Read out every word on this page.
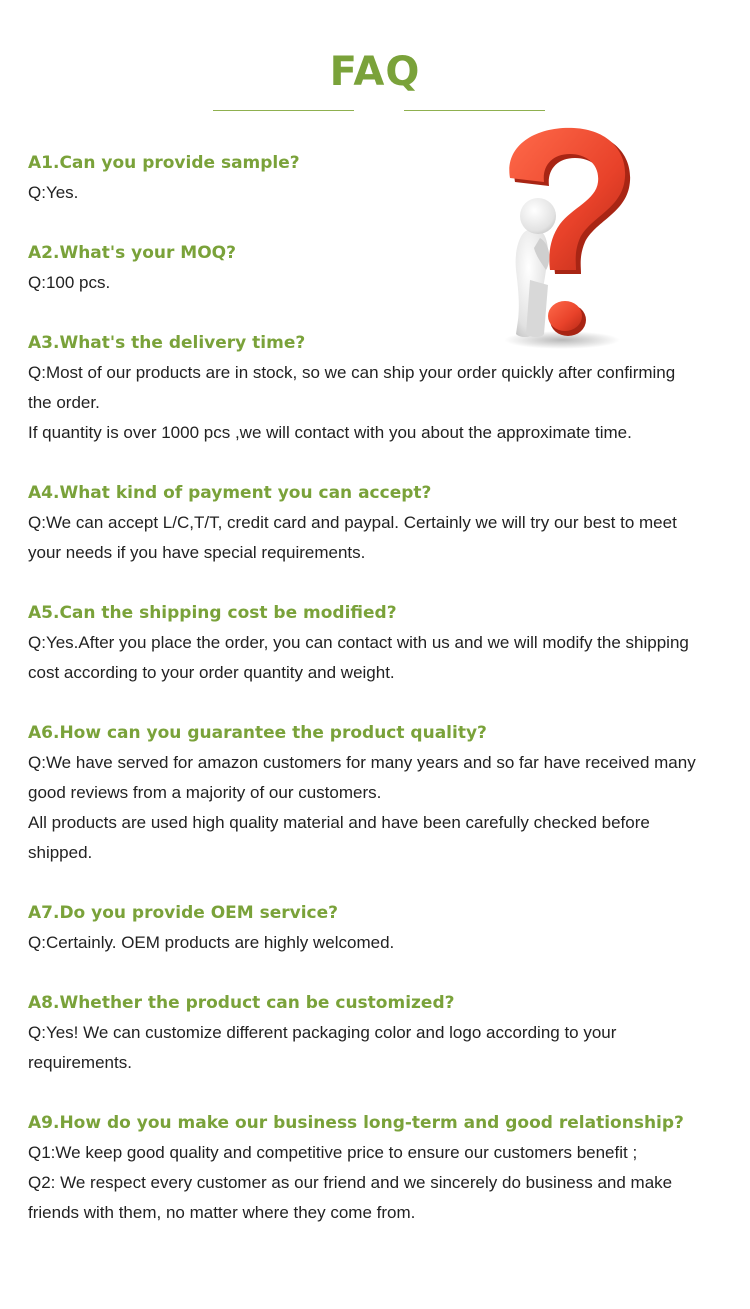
FAQ
A1.Can you provide sample?
Q:Yes.
A2.What's your MOQ?
Q:100 pcs.
A3.What's the delivery time?
Q:Most of our products are in stock, so we can ship your order quickly after confirming
the order.
If quantity is over 1000 pcs ,we will contact with you about the approximate time.
A4.What kind of payment you can accept?
Q:We can accept L/C,T/T, credit card and paypal. Certainly we will try our best to meet
your needs if you have special requirements.
A5.Can the shipping cost be modified?
Q:Yes.After you place the order, you can contact with us and we will modify the shipping
cost according to your order quantity and weight.
A6.How can you guarantee the product quality?
Q:We have served for amazon customers for many years and so far have received many
good reviews from a majority of our customers.
All products are used high quality material and have been carefully checked before
shipped.
A7.Do you provide OEM service?
Q:Certainly. OEM products are highly welcomed.
A8.Whether the product can be customized?
Q:Yes! We can customize different packaging color and logo according to your
requirements.
A9.How do you make our business long-term and good relationship?
Q1:We keep good quality and competitive price to ensure our customers benefit ;
Q2: We respect every customer as our friend and we sincerely do business and make
friends with them, no matter where they come from.
